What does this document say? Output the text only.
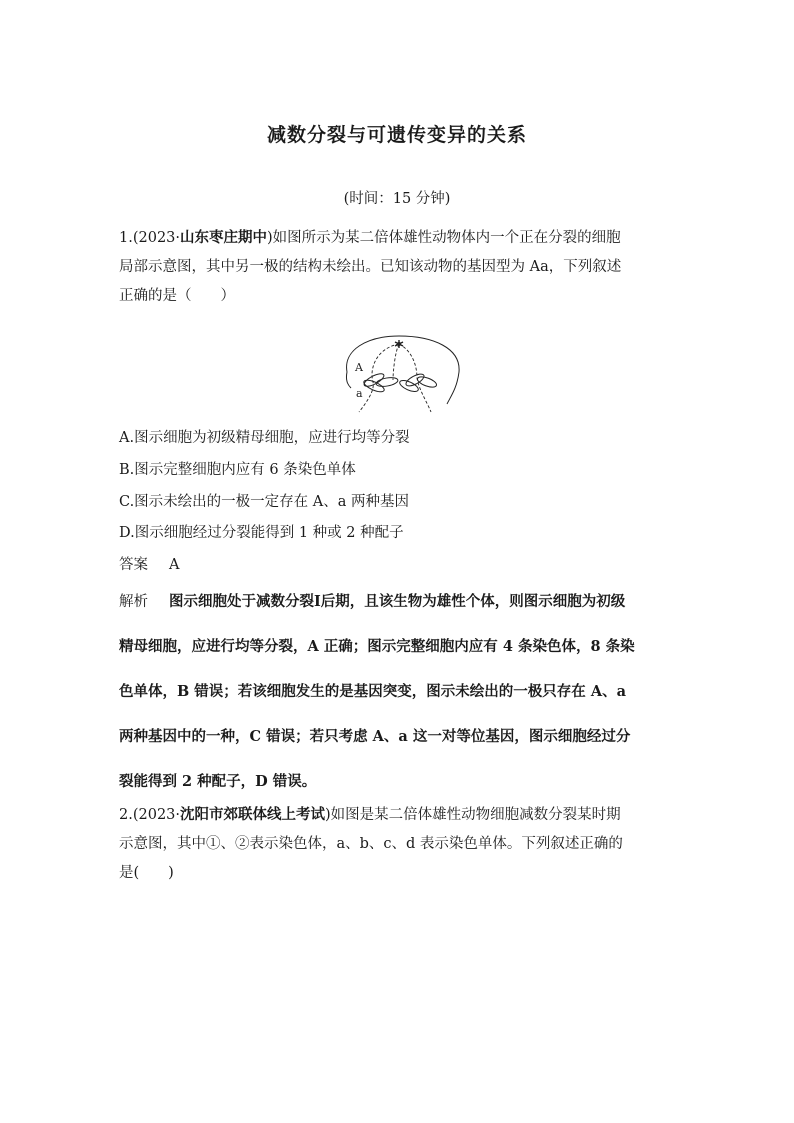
减数分裂与可遗传变异的关系
(时间：15 分钟)
1.(2023·山东枣庄期中)如图所示为某二倍体雄性动物体内一个正在分裂的细胞
局部示意图，其中另一极的结构未绘出。已知该动物的基因型为 Aa，下列叙述
正确的是（　　）
A
a
A.图示细胞为初级精母细胞，应进行均等分裂
B.图示完整细胞内应有 6 条染色单体
C.图示未绘出的一极一定存在 A、a 两种基因
D.图示细胞经过分裂能得到 1 种或 2 种配子
答案 A
解析 图示细胞处于减数分裂Ⅰ后期，且该生物为雄性个体，则图示细胞为初级
精母细胞，应进行均等分裂，A 正确；图示完整细胞内应有 4 条染色体，8 条染
色单体，B 错误；若该细胞发生的是基因突变，图示未绘出的一极只存在 A、a
两种基因中的一种，C 错误；若只考虑 A、a 这一对等位基因，图示细胞经过分
裂能得到 2 种配子，D 错误。
2.(2023·沈阳市郊联体线上考试)如图是某二倍体雄性动物细胞减数分裂某时期
示意图，其中①、②表示染色体，a、b、c、d 表示染色单体。下列叙述正确的
是(　　)
